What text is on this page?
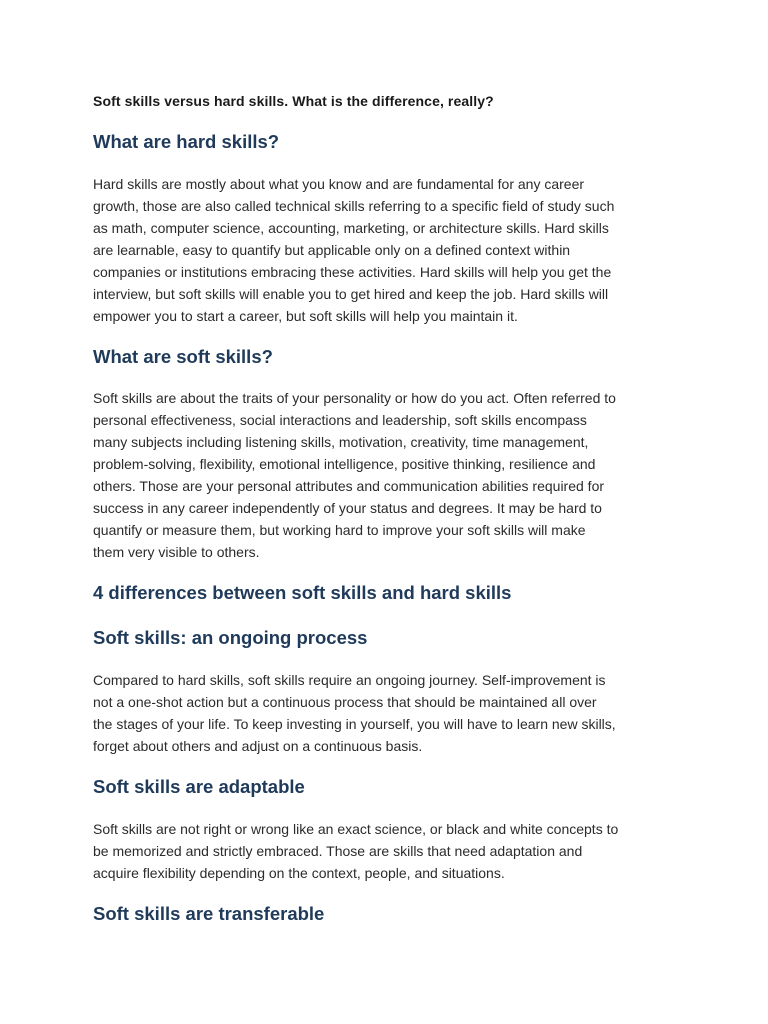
Soft skills versus hard skills. What is the difference, really?

What are hard skills?
Hard skills are mostly about what you know and are fundamental for any career
growth, those are also called technical skills referring to a specific field of study such
as math, computer science, accounting, marketing, or architecture skills. Hard skills
are learnable, easy to quantify but applicable only on a defined context within
companies or institutions embracing these activities. Hard skills will help you get the
interview, but soft skills will enable you to get hired and keep the job. Hard skills will
empower you to start a career, but soft skills will help you maintain it.
What are soft skills?
Soft skills are about the traits of your personality or how do you act. Often referred to
personal effectiveness, social interactions and leadership, soft skills encompass
many subjects including listening skills, motivation, creativity, time management,
problem-solving, flexibility, emotional intelligence, positive thinking, resilience and
others. Those are your personal attributes and communication abilities required for
success in any career independently of your status and degrees. It may be hard to
quantify or measure them, but working hard to improve your soft skills will make
them very visible to others.
4 differences between soft skills and hard skills
Soft skills: an ongoing process
Compared to hard skills, soft skills require an ongoing journey. Self-improvement is
not a one-shot action but a continuous process that should be maintained all over
the stages of your life. To keep investing in yourself, you will have to learn new skills,
forget about others and adjust on a continuous basis.
Soft skills are adaptable
Soft skills are not right or wrong like an exact science, or black and white concepts to
be memorized and strictly embraced. Those are skills that need adaptation and
acquire flexibility depending on the context, people, and situations.
Soft skills are transferable
